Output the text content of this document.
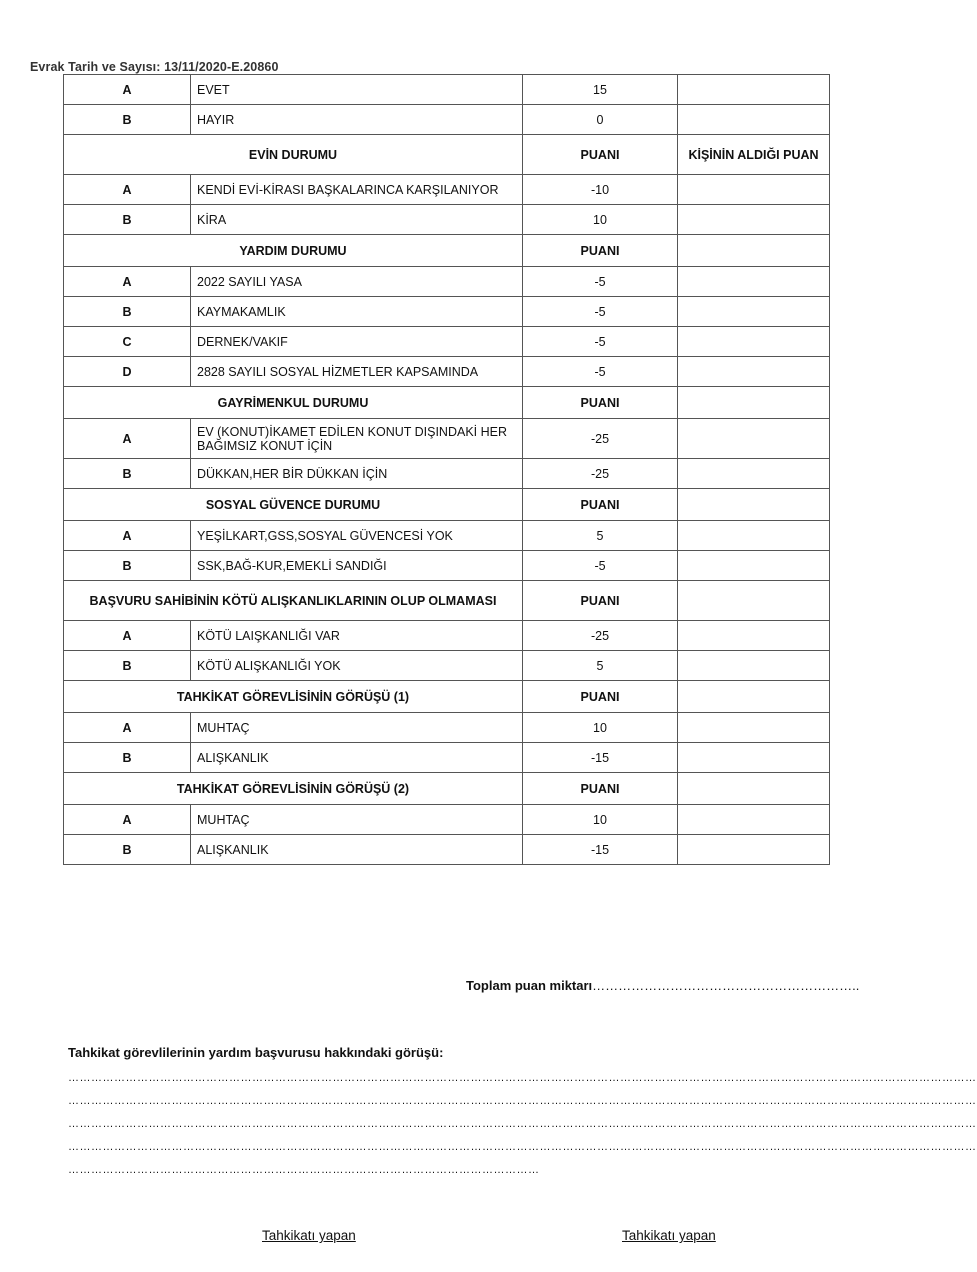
Evrak Tarih ve Sayısı: 13/11/2020-E.20860
A	EVET	15	
B	HAYIR	0	
EVİN DURUMU		PUANI	KİŞİNİN ALDIĞI PUAN
A	KENDİ EVİ-KİRASI BAŞKALARINCA KARŞILANIYOR	-10	
B	KİRA	10	
YARDIM DURUMU		PUANI	
A	2022 SAYILI YASA	-5	
B	KAYMAKAMLIK	-5	
C	DERNEK/VAKIF	-5	
D	2828 SAYILI SOSYAL HİZMETLER KAPSAMINDA	-5	
GAYRİMENKUL DURUMU		PUANI	
A	EV (KONUT)İKAMET EDİLEN KONUT DIŞINDAKİ HER BAĞIMSIZ KONUT İÇİN	-25	
B	DÜKKAN,HER BİR DÜKKAN İÇİN	-25	
SOSYAL GÜVENCE DURUMU		PUANI	
A	YEŞİLKART,GSS,SOSYAL GÜVENCESİ YOK	5	
B	SSK,BAĞ-KUR,EMEKLİ SANDIĞI	-5	
BAŞVURU SAHİBİNİN KÖTÜ ALIŞKANLIKLARININ OLUP OLMAMASI		PUANI	
A	KÖTÜ LAIŞKANLIĞI VAR	-25	
B	KÖTÜ ALIŞKANLIĞI YOK	5	
TAHKİKAT GÖREVLİSİNİN GÖRÜŞÜ (1)		PUANI	
A	MUHTAÇ	10	
B	ALIŞKANLIK	-15	
TAHKİKAT GÖREVLİSİNİN GÖRÜŞÜ (2)		PUANI	
A	MUHTAÇ	10	
B	ALIŞKANLIK	-15	
Toplam puan miktarı……………………………………………………..
Tahkikat görevlilerinin yardım başvurusu hakkındaki görüşü:
…………………………………………………………………………………………………………………………………………………………………………………………………………………
…………………………………………………………………………………………………………………………………………………………………………………………………………………
…………………………………………………………………………………………………………………………………………………………………………………………………………………
…………………………………………………………………………………………………………………………………………………………………………………………………………………
……………………………………………………………………………………………………………
Tahkikatı yapan	Tahkikatı yapan
